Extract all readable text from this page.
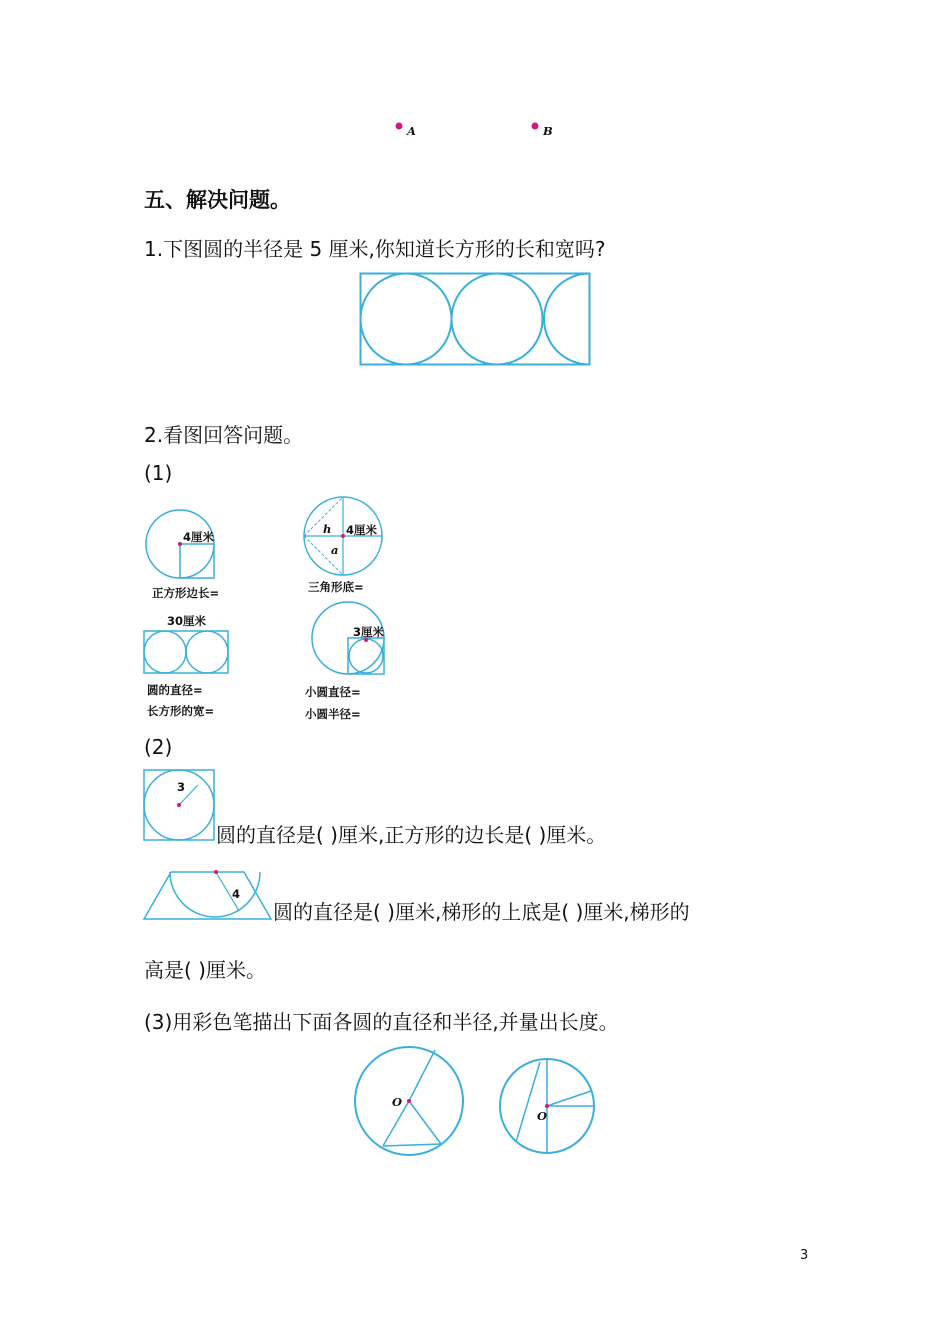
A	B
五、解决问题。
1.下图圆的半径是 5 厘米,你知道长方形的长和宽吗?
2.看图回答问题。
(1)
4厘米
正方形边长=
4厘米
h
a
三角形底=
30厘米
圆的直径=
长方形的宽=
3厘米
小圆直径=
小圆半径=
(2)
3
圆的直径是( )厘米,正方形的边长是( )厘米。
4
圆的直径是( )厘米,梯形的上底是( )厘米,梯形的
高是( )厘米。
(3)用彩色笔描出下面各圆的直径和半径,并量出长度。
O
O
3
